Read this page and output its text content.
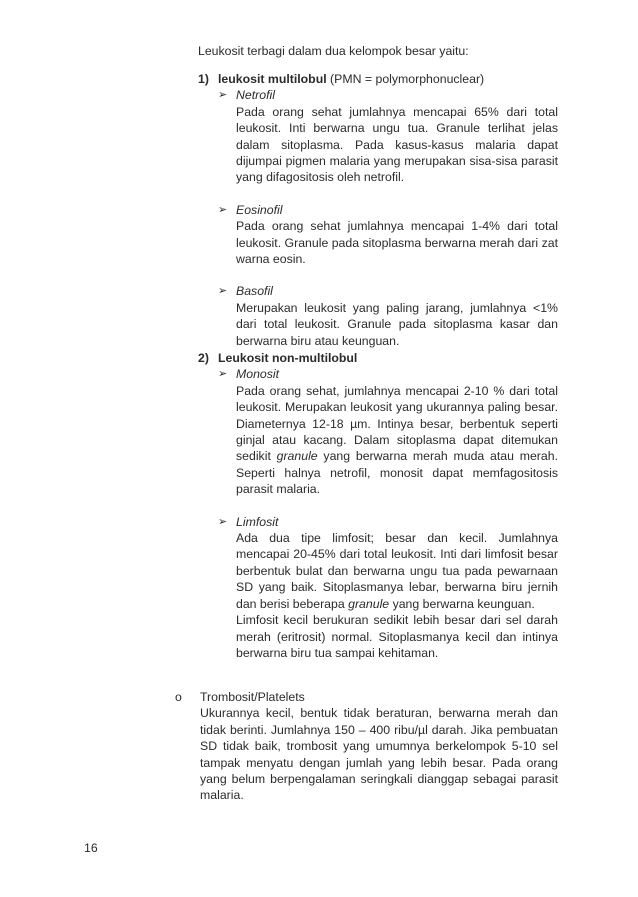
Leukosit terbagi dalam dua kelompok besar yaitu:
1) leukosit multilobul (PMN = polymorphonuclear)
➢ Netrofil
Pada orang sehat jumlahnya mencapai 65% dari total leukosit. Inti berwarna ungu tua. Granule terlihat jelas dalam sitoplasma. Pada kasus-kasus malaria dapat dijumpai pigmen malaria yang merupakan sisa-sisa parasit yang difagositosis oleh netrofil.
➢ Eosinofil
Pada orang sehat jumlahnya mencapai 1-4% dari total leukosit. Granule pada sitoplasma berwarna merah dari zat warna eosin.
➢ Basofil
Merupakan leukosit yang paling jarang, jumlahnya <1% dari total leukosit. Granule pada sitoplasma kasar dan berwarna biru atau keunguan.
2) Leukosit non-multilobul
➢ Monosit
Pada orang sehat, jumlahnya mencapai 2-10 % dari total leukosit. Merupakan leukosit yang ukurannya paling besar. Diameternya 12-18 µm. Intinya besar, berbentuk seperti ginjal atau kacang. Dalam sitoplasma dapat ditemukan sedikit granule yang berwarna merah muda atau merah. Seperti halnya netrofil, monosit dapat memfagositosis parasit malaria.
➢ Limfosit
Ada dua tipe limfosit; besar dan kecil. Jumlahnya mencapai 20-45% dari total leukosit. Inti dari limfosit besar berbentuk bulat dan berwarna ungu tua pada pewarnaan SD yang baik. Sitoplasmanya lebar, berwarna biru jernih dan berisi beberapa granule yang berwarna keunguan.
Limfosit kecil berukuran sedikit lebih besar dari sel darah merah (eritrosit) normal. Sitoplasmanya kecil dan intinya berwarna biru tua sampai kehitaman.
o	Trombosit/Platelets
Ukurannya kecil, bentuk tidak beraturan, berwarna merah dan tidak berinti. Jumlahnya 150 – 400 ribu/µl darah. Jika pembuatan SD tidak baik, trombosit yang umumnya berkelompok 5-10 sel tampak menyatu dengan jumlah yang lebih besar. Pada orang yang belum berpengalaman seringkali dianggap sebagai parasit malaria.
16
